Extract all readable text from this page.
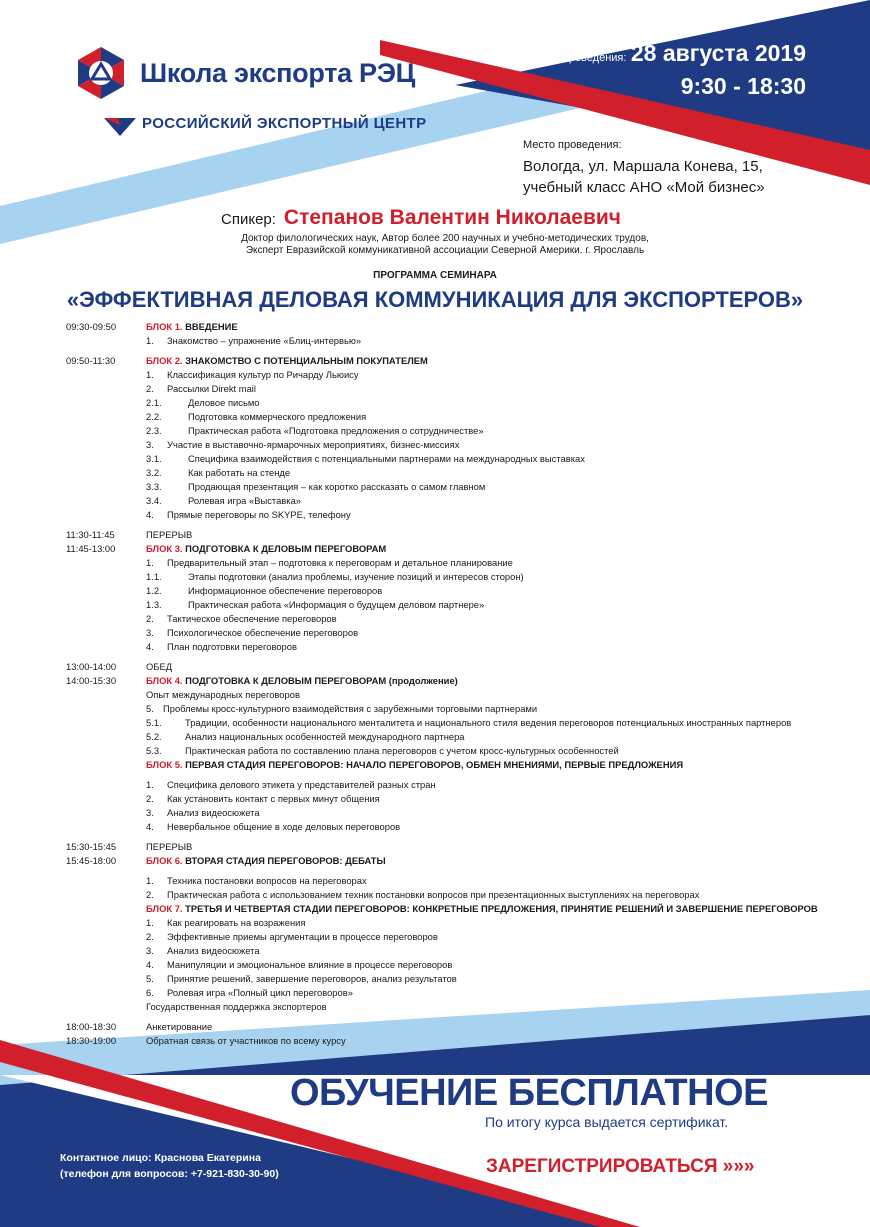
Школа экспорта РЭЦ
РОССИЙСКИЙ ЭКСПОРТНЫЙ ЦЕНТР
Дата проведения: 28 августа 2019
9:30 - 18:30
Место проведения:
Вологда, ул. Маршала Конева, 15,
учебный класс АНО «Мой бизнес»
Спикер: Степанов Валентин Николаевич
Доктор филологических наук, Автор более 200 научных и учебно-методических трудов,
Эксперт Евразийской коммуникативной ассоциации Северной Америки. г. Ярославль
ПРОГРАММА СЕМИНАРА
«ЭФФЕКТИВНАЯ ДЕЛОВАЯ КОММУНИКАЦИЯ ДЛЯ ЭКСПОРТЕРОВ»
09:30-09:50	БЛОК 1. ВВЕДЕНИЕ
1. Знакомство – упражнение «Блиц-интервью»
09:50-11:30	БЛОК 2. ЗНАКОМСТВО С ПОТЕНЦИАЛЬНЫМ ПОКУПАТЕЛЕМ
1. Классификация культур по Ричарду Льюису
2. Рассылки Direkt mail
2.1.	Деловое письмо
2.2.	Подготовка коммерческого предложения
2.3.	Практическая работа «Подготовка предложения о сотрудничестве»
3. Участие в выставочно-ярмарочных мероприятиях, бизнес-миссиях
3.1.	Специфика взаимодействия с потенциальными партнерами на международных выставках
3.2.	Как работать на стенде
3.3.	Продающая презентация – как коротко рассказать о самом главном
3.4.	Ролевая игра «Выставка»
4. Прямые переговоры по SKYPE, телефону
11:30-11:45	ПЕРЕРЫВ
11:45-13:00	БЛОК 3. ПОДГОТОВКА К ДЕЛОВЫМ ПЕРЕГОВОРАМ
1. Предварительный этап – подготовка к переговорам и детальное планирование
1.1.	Этапы подготовки (анализ проблемы, изучение позиций и интересов сторон)
1.2.	Информационное обеспечение переговоров
1.3.	Практическая работа «Информация о будущем деловом партнере»
2. Тактическое обеспечение переговоров
3. Психологическое обеспечение переговоров
4. План подготовки переговоров
13:00-14:00	ОБЕД
14:00-15:30	БЛОК 4. ПОДГОТОВКА К ДЕЛОВЫМ ПЕРЕГОВОРАМ (продолжение)
Опыт международных переговоров
5. Проблемы кросс-культурного взаимодействия с зарубежными торговыми партнерами
5.1. Традиции, особенности национального менталитета и национального стиля ведения переговоров потенциальных иностранных партнеров
5.2. Анализ национальных особенностей международного партнера
5.3. Практическая работа по составлению плана переговоров с учетом кросс-культурных особенностей
БЛОК 5. ПЕРВАЯ СТАДИЯ ПЕРЕГОВОРОВ: НАЧАЛО ПЕРЕГОВОРОВ, ОБМЕН МНЕНИЯМИ, ПЕРВЫЕ ПРЕДЛОЖЕНИЯ
1. Специфика делового этикета у представителей разных стран
2. Как установить контакт с первых минут общения
3. Анализ видеосюжета
4. Невербальное общение в ходе деловых переговоров
15:30-15:45	ПЕРЕРЫВ
15:45-18:00	БЛОК 6. ВТОРАЯ СТАДИЯ ПЕРЕГОВОРОВ: ДЕБАТЫ
1. Техника постановки вопросов на переговорах
2. Практическая работа с использованием техник постановки вопросов при презентационных выступлениях на переговорах
БЛОК 7. ТРЕТЬЯ И ЧЕТВЕРТАЯ СТАДИИ ПЕРЕГОВОРОВ: КОНКРЕТНЫЕ ПРЕДЛОЖЕНИЯ, ПРИНЯТИЕ РЕШЕНИЙ И ЗАВЕРШЕНИЕ ПЕРЕГОВОРОВ
1. Как реагировать на возражения
2. Эффективные приемы аргументации в процессе переговоров
3. Анализ видеосюжета
4. Манипуляции и эмоциональное влияние в процессе переговоров
5. Принятие решений, завершение переговоров, анализ результатов
6. Ролевая игра «Полный цикл переговоров»
Государственная поддержка экспортеров
18:00-18:30	Анкетирование
18:30-19:00	Обратная связь от участников по всему курсу
ОБУЧЕНИЕ БЕСПЛАТНОЕ
По итогу курса выдается сертификат.
Контактное лицо: Краснова Екатерина
(телефон для вопросов: +7-921-830-30-90)	ЗАРЕГИСТРИРОВАТЬСЯ »»»
